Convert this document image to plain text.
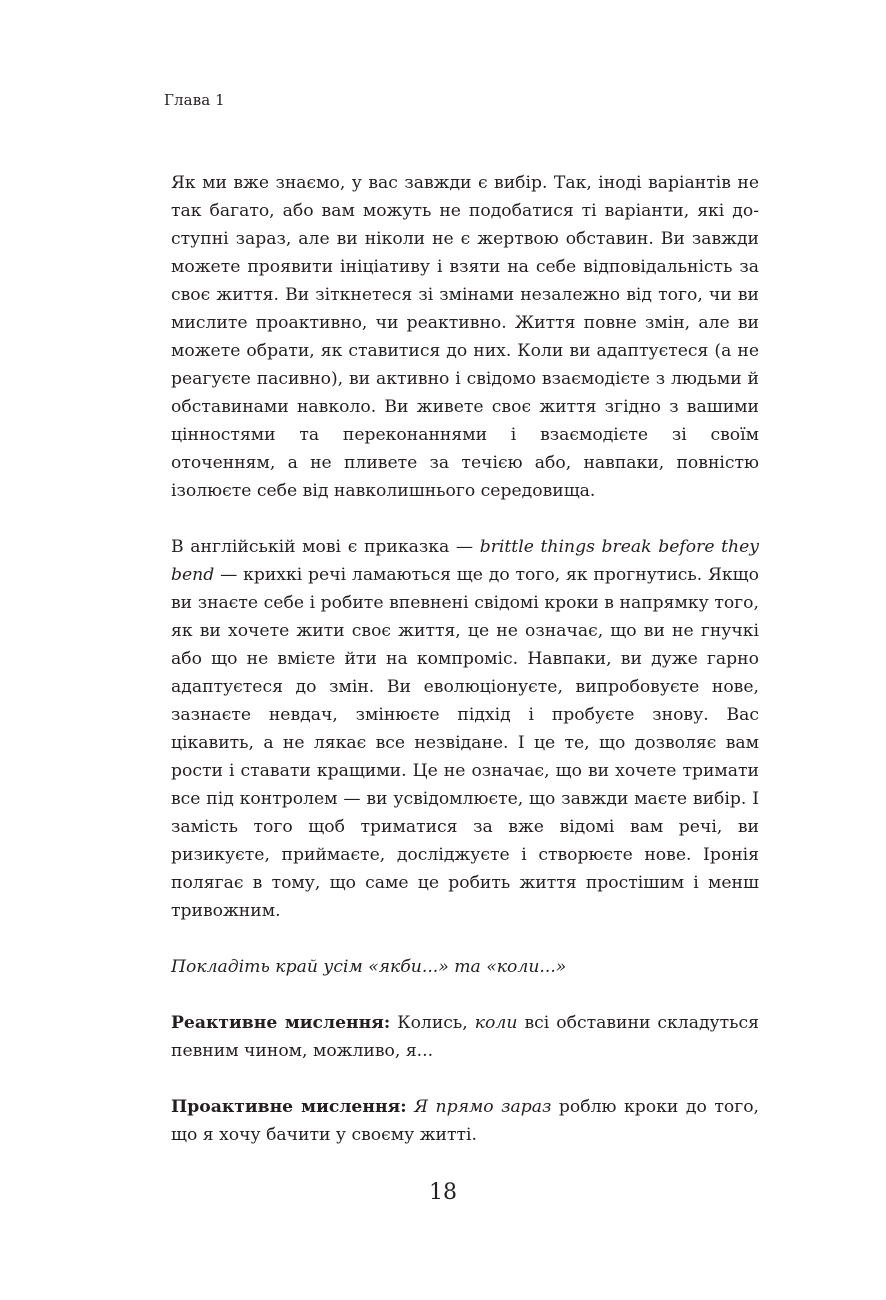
Глава 1

Як ми вже знаємо, у вас завжди є вибір. Так, іноді варіантів не так багато, або вам можуть не подобатися ті варіанти, які доступні зараз, але ви ніколи не є жертвою обставин. Ви завжди можете проявити ініціативу і взяти на себе відповідальність за своє життя. Ви зіткнетеся зі змінами незалежно від того, чи ви мислите проактивно, чи реактивно. Життя повне змін, але ви можете обрати, як ставитися до них. Коли ви адаптуєтеся (а не реагуєте пасивно), ви активно і свідомо взаємодієте з людьми й обставинами навколо. Ви живете своє життя згідно з вашими цінностями та переконаннями і взаємодієте зі своїм оточенням, а не пливете за течією або, навпаки, повністю ізолюєте себе від навколишнього середовища.

В англійській мові є приказка — brittle things break before they bend — крихкі речі ламаються ще до того, як прогнутись. Якщо ви знаєте себе і робите впевнені свідомі кроки в напрямку того, як ви хочете жити своє життя, це не означає, що ви не гнучкі або що не вмієте йти на компроміс. Навпаки, ви дуже гарно адаптуєтеся до змін. Ви еволюціонуєте, випробовуєте нове, зазнаєте невдач, змінюєте підхід і пробуєте знову. Вас цікавить, а не лякає все незвідане. І це те, що дозволяє вам рости і ставати кращими. Це не означає, що ви хочете тримати все під контролем — ви усвідомлюєте, що завжди маєте вибір. І замість того щоб триматися за вже відомі вам речі, ви ризикуєте, приймаєте, досліджуєте і створюєте нове. Іронія полягає в тому, що саме це робить життя простішим і менш тривожним.

Покладіть край усім «якби...» та «коли...»

Реактивне мислення: Колись, коли всі обставини складуться певним чином, можливо, я...

Проактивне мислення: Я прямо зараз роблю кроки до того, що я хочу бачити у своєму житті.

18
